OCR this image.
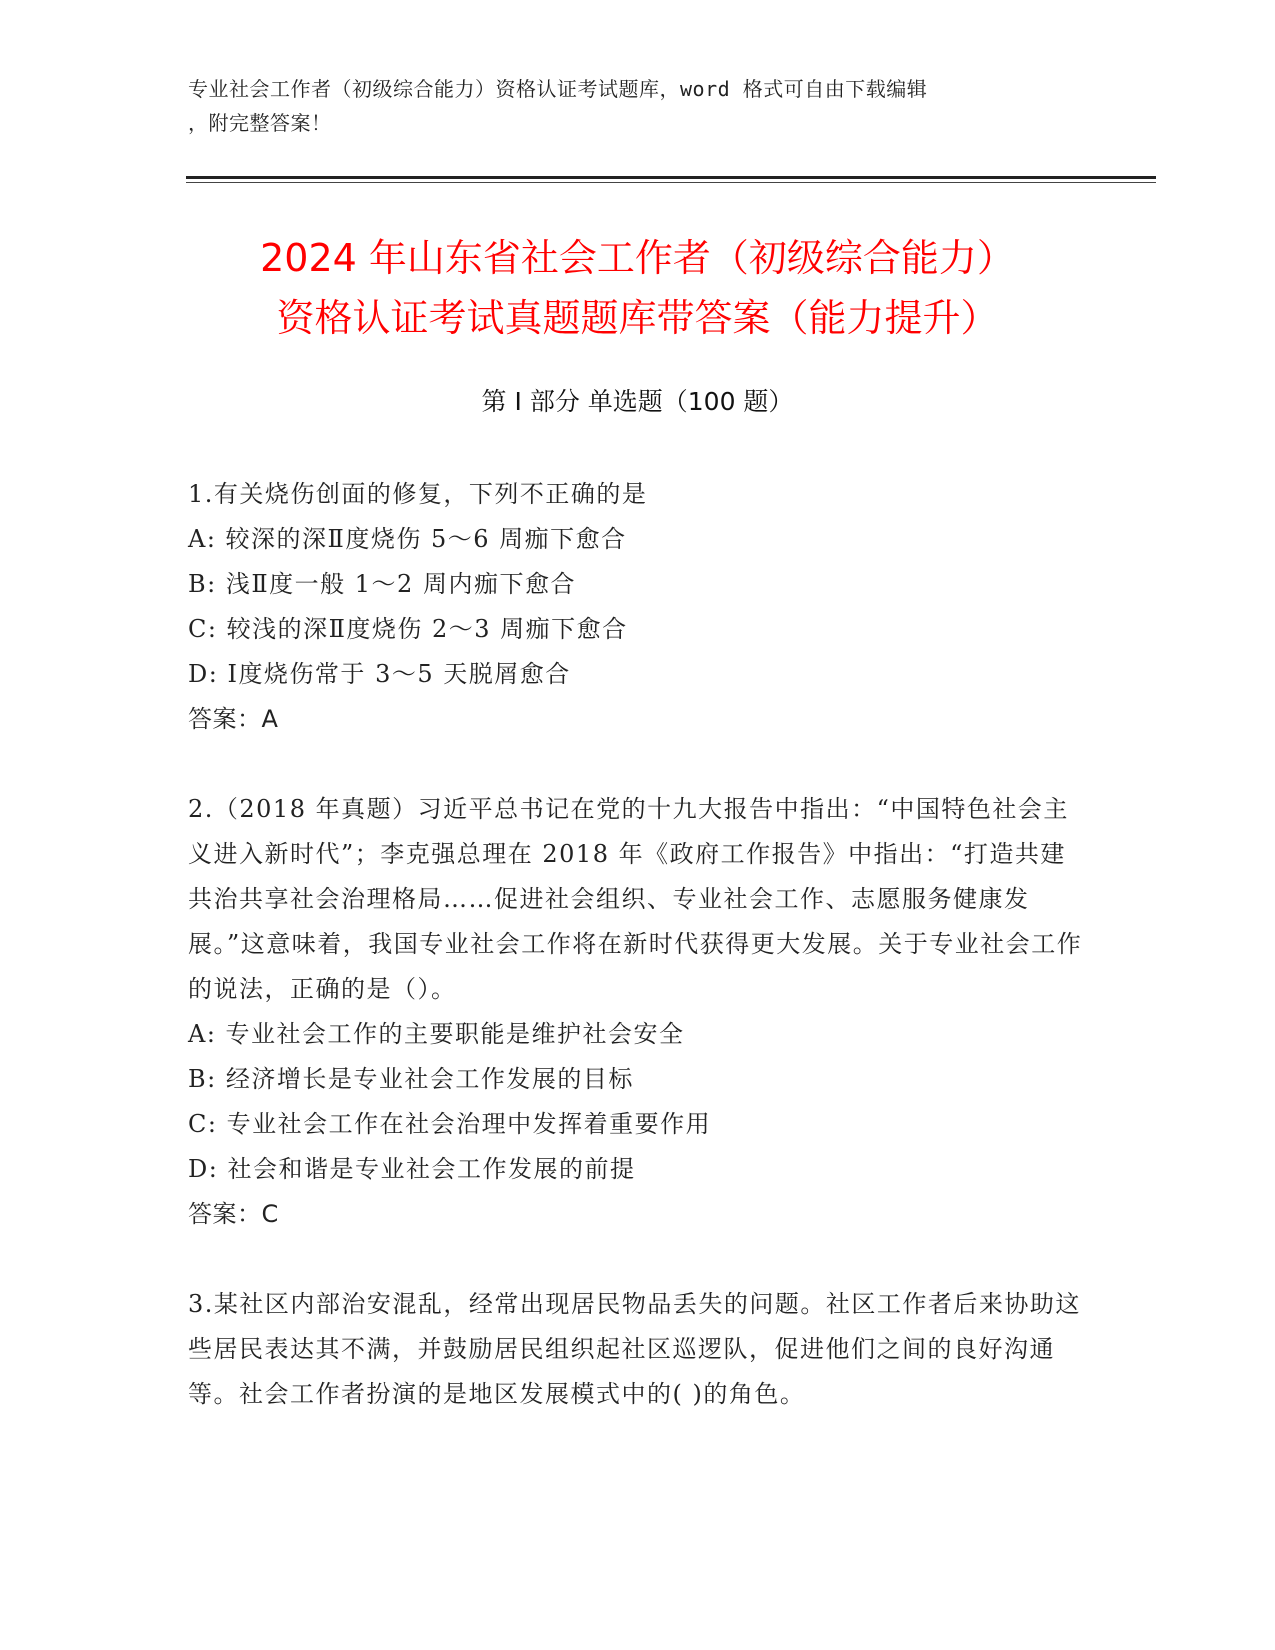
专业社会工作者（初级综合能力）资格认证考试题库，word 格式可自由下载编辑
，附完整答案！
2024 年山东省社会工作者（初级综合能力）
资格认证考试真题题库带答案（能力提升）
第 I 部分 单选题（100 题）

1.有关烧伤创面的修复，下列不正确的是

A: 较深的深Ⅱ度烧伤 5～6 周痂下愈合

B: 浅Ⅱ度一般 1～2 周内痂下愈合

C: 较浅的深Ⅱ度烧伤 2～3 周痂下愈合

D: Ⅰ度烧伤常于 3～5 天脱屑愈合

答案：A

2.（2018 年真题）习近平总书记在党的十九大报告中指出：“中国特色社会主义进入新时代”；李克强总理在 2018 年《政府工作报告》中指出：“打造共建共治共享社会治理格局……促进社会组织、专业社会工作、志愿服务健康发展。”这意味着，我国专业社会工作将在新时代获得更大发展。关于专业社会工作的说法，正确的是（）。

A: 专业社会工作的主要职能是维护社会安全

B: 经济增长是专业社会工作发展的目标

C: 专业社会工作在社会治理中发挥着重要作用

D: 社会和谐是专业社会工作发展的前提

答案：C

3.某社区内部治安混乱，经常出现居民物品丢失的问题。社区工作者后来协助这些居民表达其不满，并鼓励居民组织起社区巡逻队，促进他们之间的良好沟通等。社会工作者扮演的是地区发展模式中的( )的角色。
